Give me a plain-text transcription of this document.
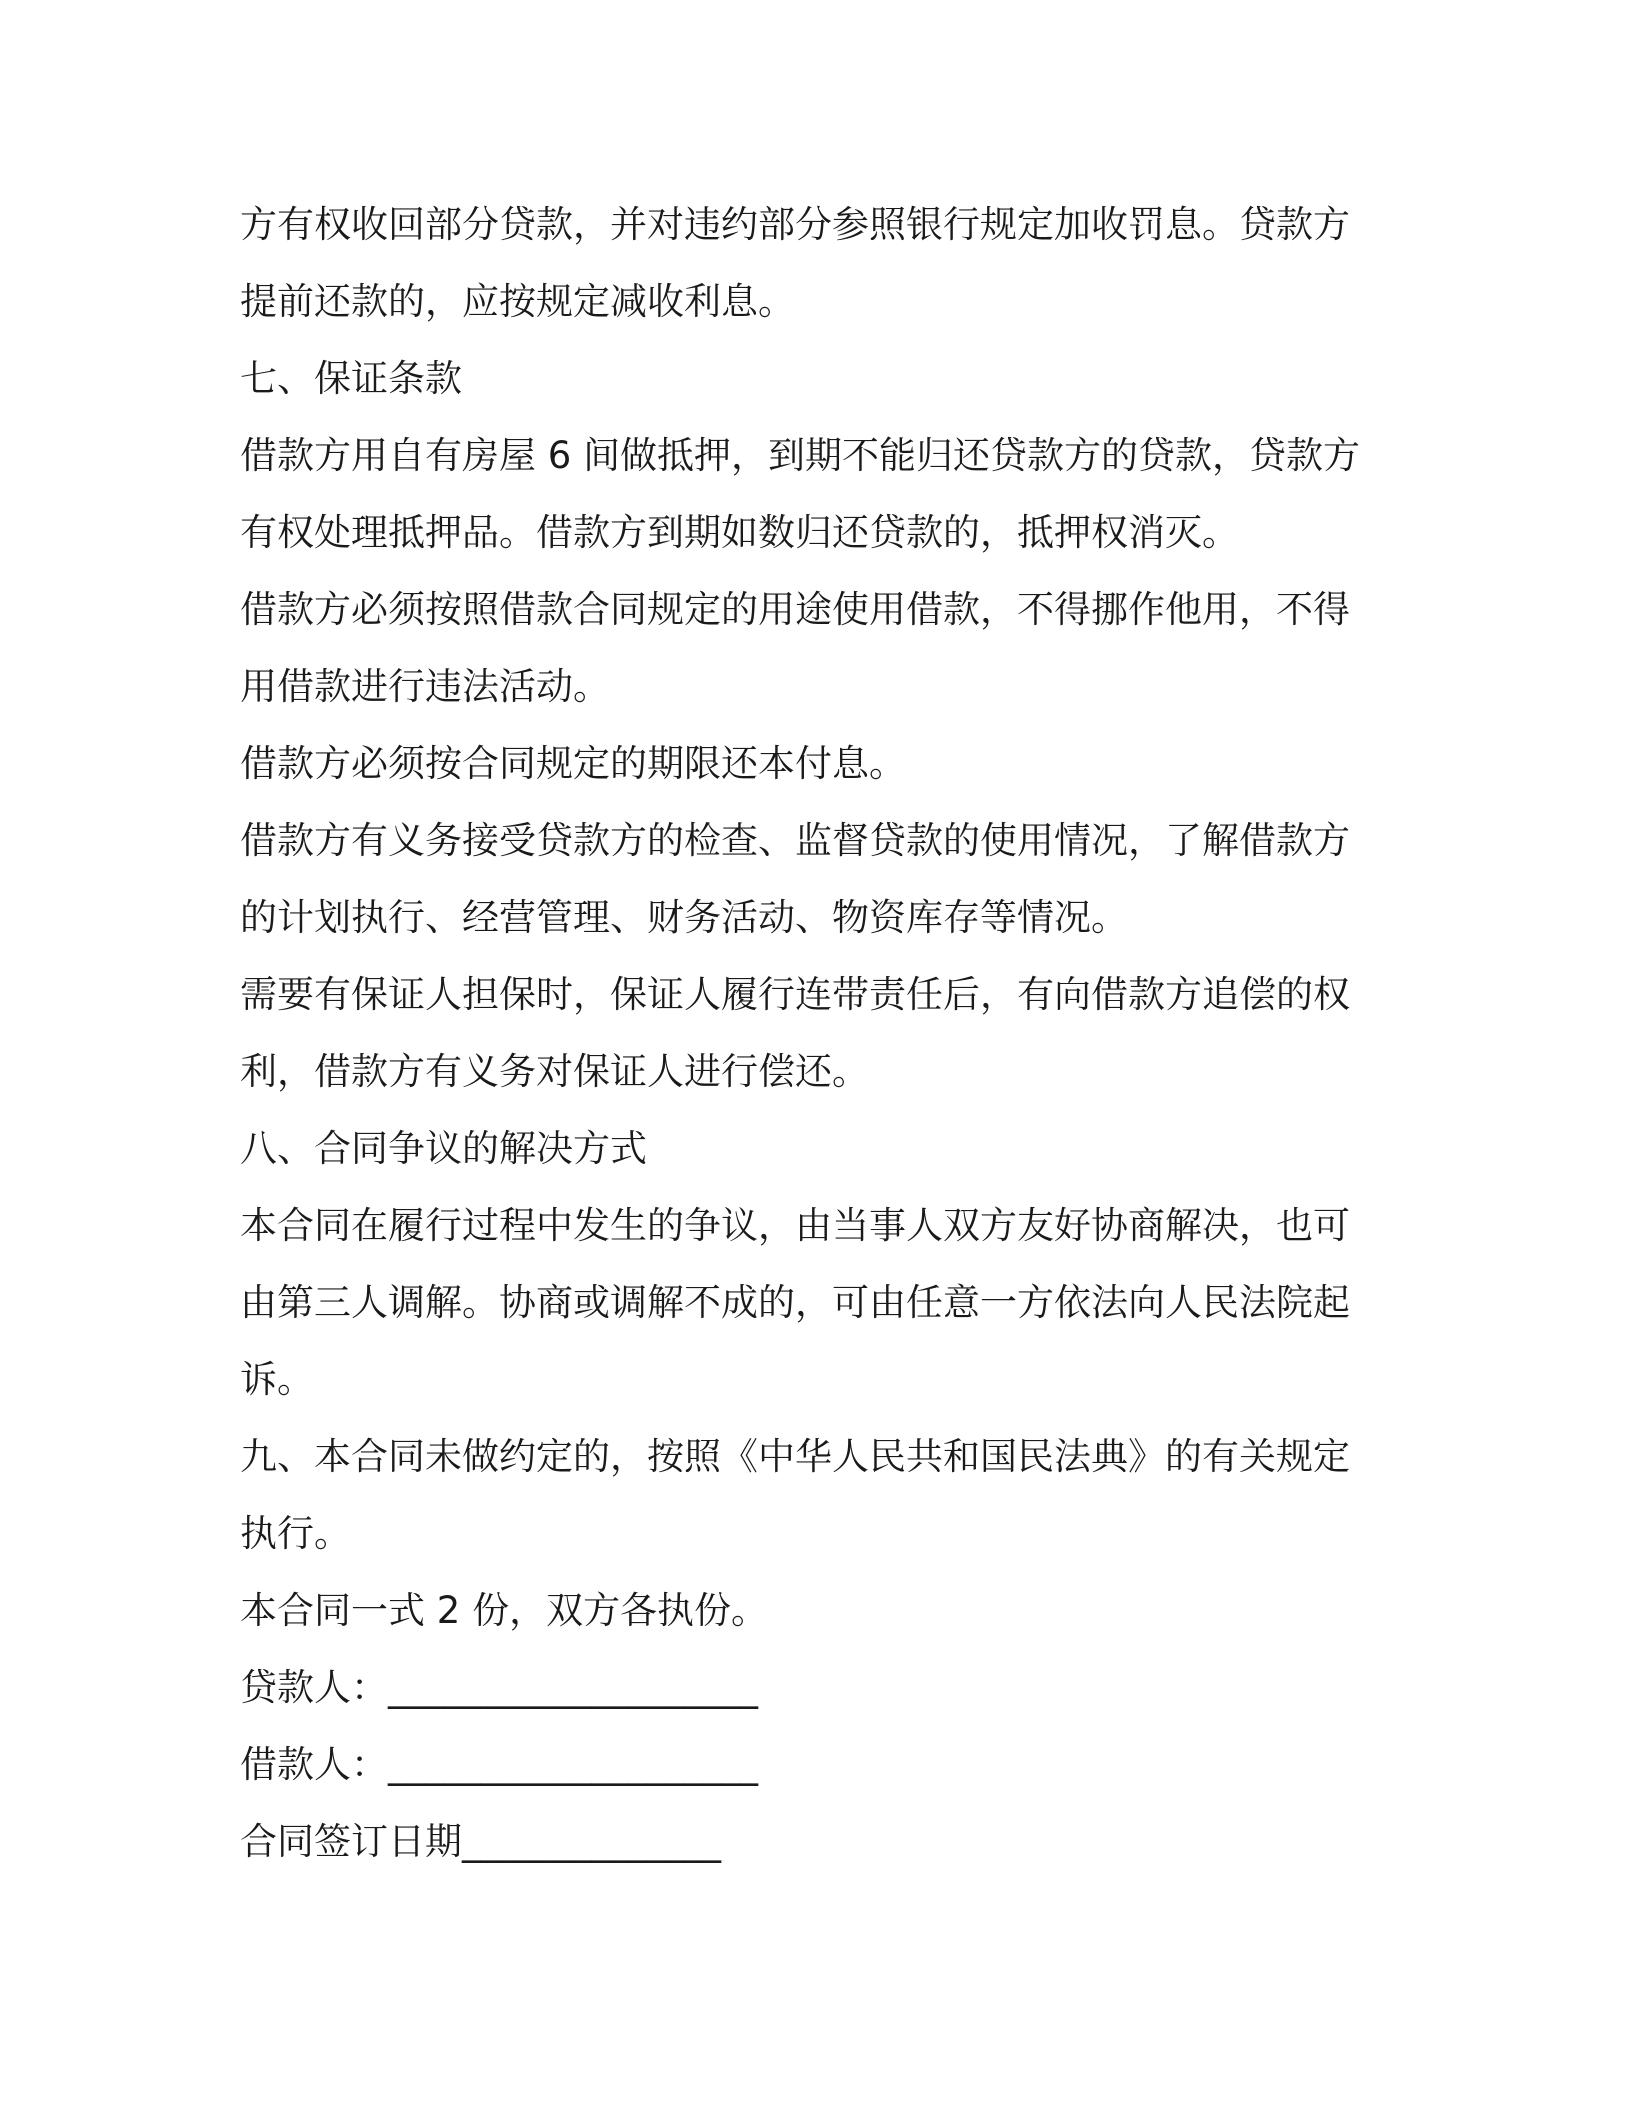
方有权收回部分贷款，并对违约部分参照银行规定加收罚息。贷款方

提前还款的，应按规定减收利息。

七、保证条款

借款方用自有房屋 6 间做抵押，到期不能归还贷款方的贷款，贷款方

有权处理抵押品。借款方到期如数归还贷款的，抵押权消灭。

借款方必须按照借款合同规定的用途使用借款，不得挪作他用，不得

用借款进行违法活动。

借款方必须按合同规定的期限还本付息。

借款方有义务接受贷款方的检查、监督贷款的使用情况，了解借款方

的计划执行、经营管理、财务活动、物资库存等情况。

需要有保证人担保时，保证人履行连带责任后，有向借款方追偿的权

利，借款方有义务对保证人进行偿还。

八、合同争议的解决方式

本合同在履行过程中发生的争议，由当事人双方友好协商解决，也可

由第三人调解。协商或调解不成的，可由任意一方依法向人民法院起

诉。

九、本合同未做约定的，按照《中华人民共和国民法典》的有关规定

执行。

本合同一式 2 份，双方各执份。

贷款人：____________________

借款人：____________________

合同签订日期______________
